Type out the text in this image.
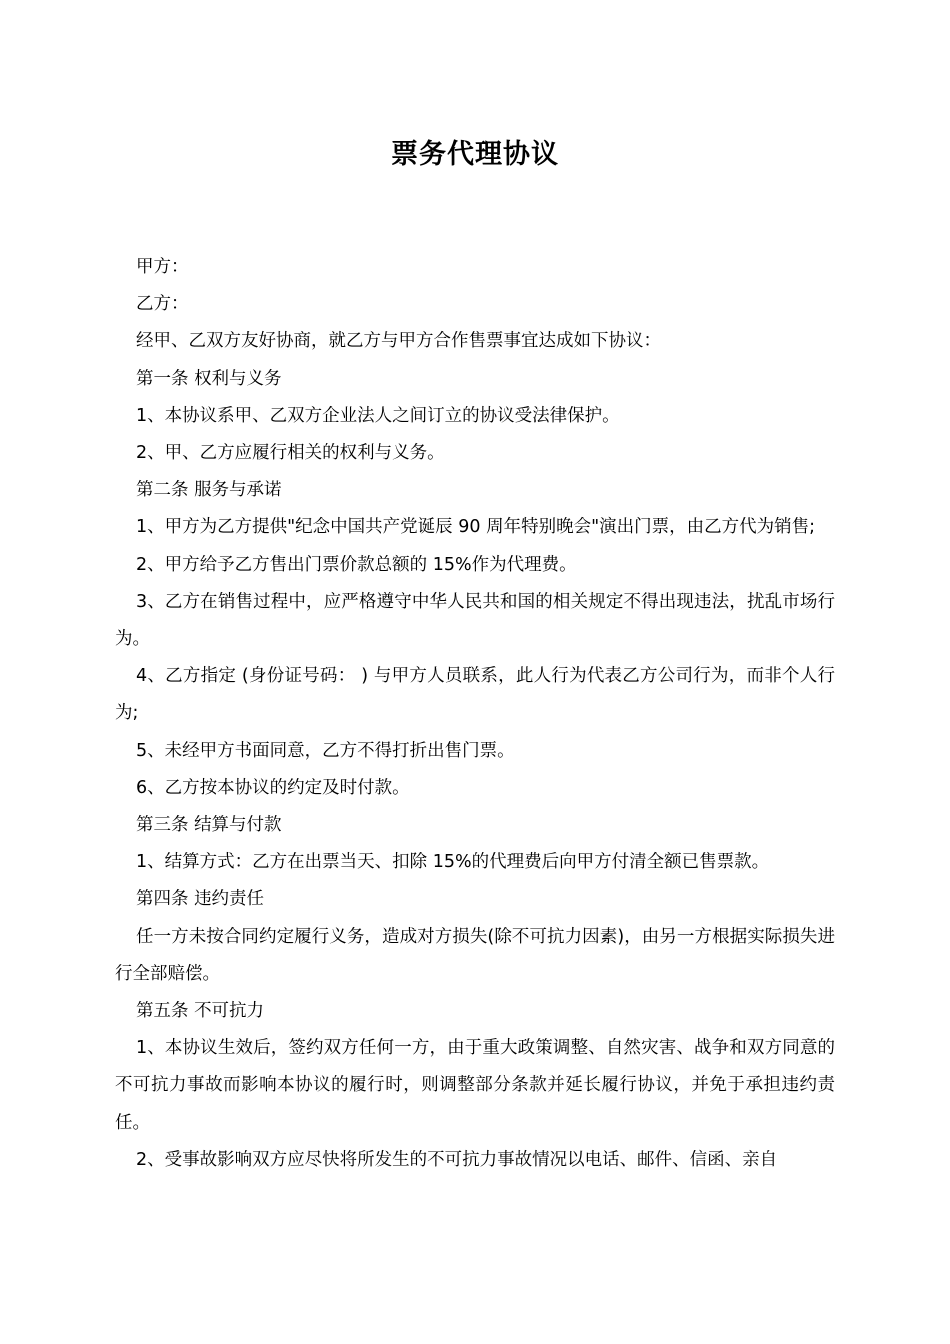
票务代理协议

甲方：

乙方：

经甲、乙双方友好协商，就乙方与甲方合作售票事宜达成如下协议：

第一条 权利与义务

1、本协议系甲、乙双方企业法人之间订立的协议受法律保护。

2、甲、乙方应履行相关的权利与义务。

第二条 服务与承诺

1、甲方为乙方提供"纪念中国共产党诞辰 90 周年特别晚会"演出门票，由乙方代为销售;

2、甲方给予乙方售出门票价款总额的 15%作为代理费。

3、乙方在销售过程中，应严格遵守中华人民共和国的相关规定不得出现违法，扰乱市场行为。

4、乙方指定 (身份证号码： ) 与甲方人员联系，此人行为代表乙方公司行为，而非个人行为;

5、未经甲方书面同意，乙方不得打折出售门票。

6、乙方按本协议的约定及时付款。

第三条 结算与付款

1、结算方式：乙方在出票当天、扣除 15%的代理费后向甲方付清全额已售票款。

第四条 违约责任

任一方未按合同约定履行义务，造成对方损失(除不可抗力因素)，由另一方根据实际损失进行全部赔偿。

第五条 不可抗力

1、本协议生效后，签约双方任何一方，由于重大政策调整、自然灾害、战争和双方同意的不可抗力事故而影响本协议的履行时，则调整部分条款并延长履行协议，并免于承担违约责任。

2、受事故影响双方应尽快将所发生的不可抗力事故情况以电话、邮件、信函、亲自
